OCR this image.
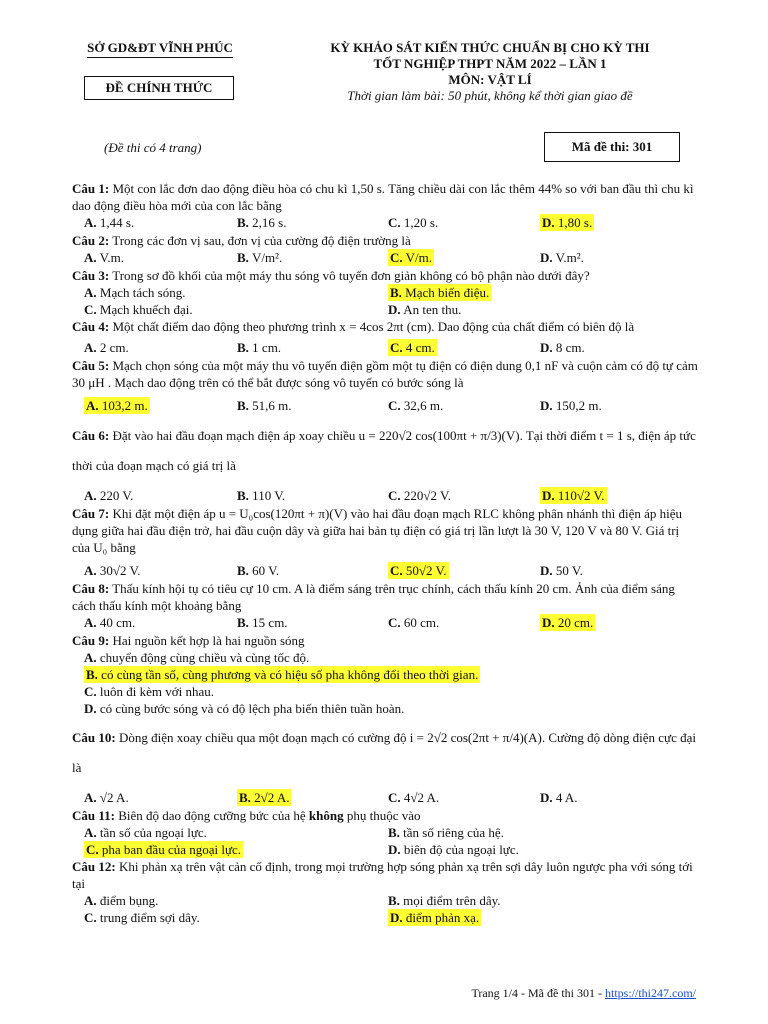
SỞ GD&ĐT VĨNH PHÚC
ĐỀ CHÍNH THỨC
(Đề thi có 4 trang)
KỲ KHẢO SÁT KIẾN THỨC CHUẨN BỊ CHO KỲ THI
TỐT NGHIỆP THPT NĂM 2022 – LẦN 1
MÔN: VẬT LÍ
Thời gian làm bài: 50 phút, không kể thời gian giao đề
Mã đề thi: 301
Câu 1: Một con lắc đơn dao động điều hòa có chu kì 1,50 s. Tăng chiều dài con lắc thêm 44% so với ban đầu thì chu kì dao động điều hòa mới của con lắc bằng
A. 1,44 s.	B. 2,16 s.	C. 1,20 s.	D. 1,80 s.
Câu 2: Trong các đơn vị sau, đơn vị của cường độ điện trường là
A. V.m.	B. V/m².	C. V/m.	D. V.m².
Câu 3: Trong sơ đồ khối của một máy thu sóng vô tuyến đơn giản không có bộ phận nào dưới đây?
A. Mạch tách sóng.	B. Mạch biến điệu.
C. Mạch khuếch đại.	D. An ten thu.
Câu 4: Một chất điểm dao động theo phương trình x = 4cos 2πt (cm). Dao động của chất điểm có biên độ là
A. 2 cm.	B. 1 cm.	C. 4 cm.	D. 8 cm.
Câu 5: Mạch chọn sóng của một máy thu vô tuyến điện gồm một tụ điện có điện dung 0,1 nF và cuộn cảm có độ tự cảm 30 μH . Mạch dao động trên có thể bắt được sóng vô tuyến có bước sóng là
A. 103,2 m.	B. 51,6 m.	C. 32,6 m.	D. 150,2 m.
Câu 6: Đặt vào hai đầu đoạn mạch điện áp xoay chiều u = 220√2 cos(100πt + π/3)(V). Tại thời điểm t = 1 s, điện áp tức thời của đoạn mạch có giá trị là
A. 220 V.	B. 110 V.	C. 220√2 V.	D. 110√2 V.
Câu 7: Khi đặt một điện áp u = U₀cos(120πt + π)(V) vào hai đầu đoạn mạch RLC không phân nhánh thì điện áp hiệu dụng giữa hai đầu điện trở, hai đầu cuộn dây và giữa hai bản tụ điện có giá trị lần lượt là 30 V, 120 V và 80 V. Giá trị của U₀ bằng
A. 30√2 V.	B. 60 V.	C. 50√2 V.	D. 50 V.
Câu 8: Thấu kính hội tụ có tiêu cự 10 cm. A là điểm sáng trên trục chính, cách thấu kính 20 cm. Ảnh của điểm sáng cách thấu kính một khoảng bằng
A. 40 cm.	B. 15 cm.	C. 60 cm.	D. 20 cm.
Câu 9: Hai nguồn kết hợp là hai nguồn sóng
A. chuyển động cùng chiều và cùng tốc độ.
B. có cùng tần số, cùng phương và có hiệu số pha không đổi theo thời gian.
C. luôn đi kèm với nhau.
D. có cùng bước sóng và có độ lệch pha biến thiên tuần hoàn.
Câu 10: Dòng điện xoay chiều qua một đoạn mạch có cường độ i = 2√2 cos(2πt + π/4)(A). Cường độ dòng điện cực đại là
A. √2 A.	B. 2√2 A.	C. 4√2 A.	D. 4 A.
Câu 11: Biên độ dao động cưỡng bức của hệ không phụ thuộc vào
A. tần số của ngoại lực.	B. tần số riêng của hệ.
C. pha ban đầu của ngoại lực.	D. biên độ của ngoại lực.
Câu 12: Khi phản xạ trên vật cản cố định, trong mọi trường hợp sóng phản xạ trên sợi dây luôn ngược pha với sóng tới tại
A. điểm bụng.	B. mọi điểm trên dây.
C. trung điểm sợi dây.	D. điểm phản xạ.
Trang 1/4 - Mã đề thi 301 - https://thi247.com/
